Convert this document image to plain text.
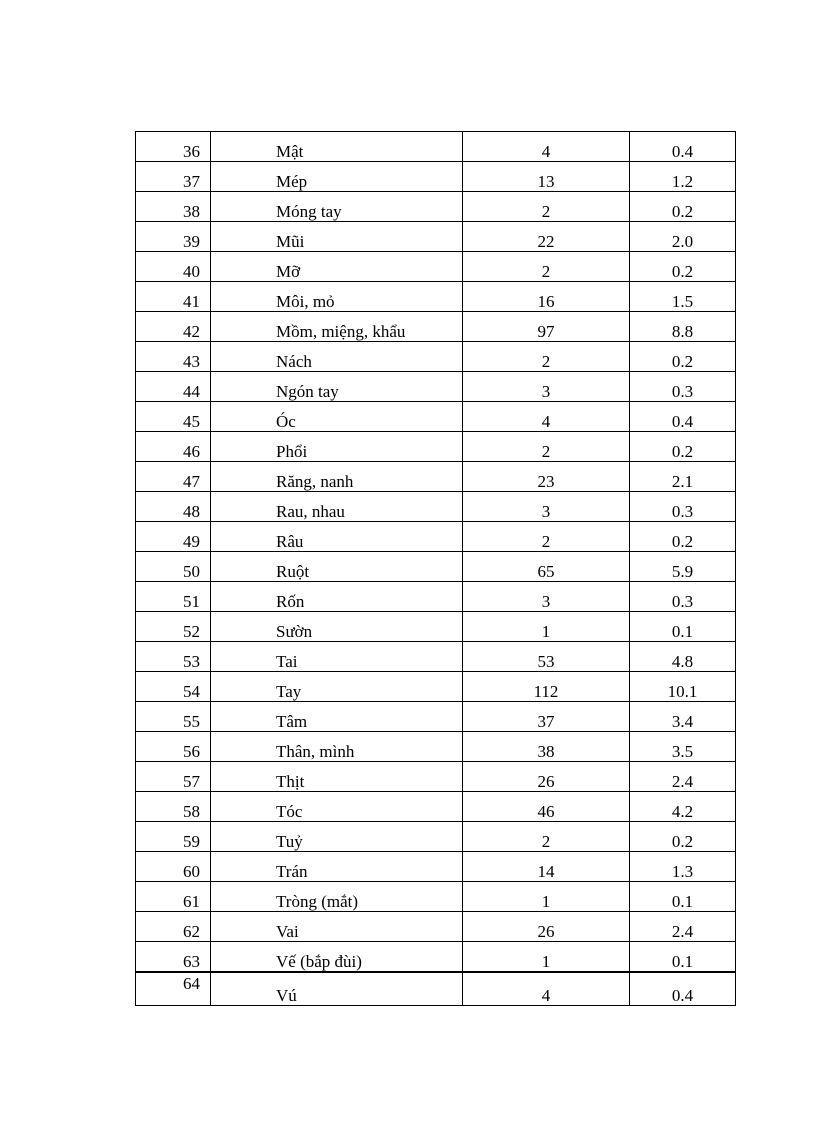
36	Mật	4	0.4
37	Mép	13	1.2
38	Móng tay	2	0.2
39	Mũi	22	2.0
40	Mỡ	2	0.2
41	Môi, mỏ	16	1.5
42	Mồm, miệng, khẩu	97	8.8
43	Nách	2	0.2
44	Ngón tay	3	0.3
45	Óc	4	0.4
46	Phổi	2	0.2
47	Răng, nanh	23	2.1
48	Rau, nhau	3	0.3
49	Râu	2	0.2
50	Ruột	65	5.9
51	Rốn	3	0.3
52	Sườn	1	0.1
53	Tai	53	4.8
54	Tay	112	10.1
55	Tâm	37	3.4
56	Thân, mình	38	3.5
57	Thịt	26	2.4
58	Tóc	46	4.2
59	Tuỷ	2	0.2
60	Trán	14	1.3
61	Tròng (mắt)	1	0.1
62	Vai	26	2.4
63	Vế (bắp đùi)	1	0.1
64	Vú	4	0.4
